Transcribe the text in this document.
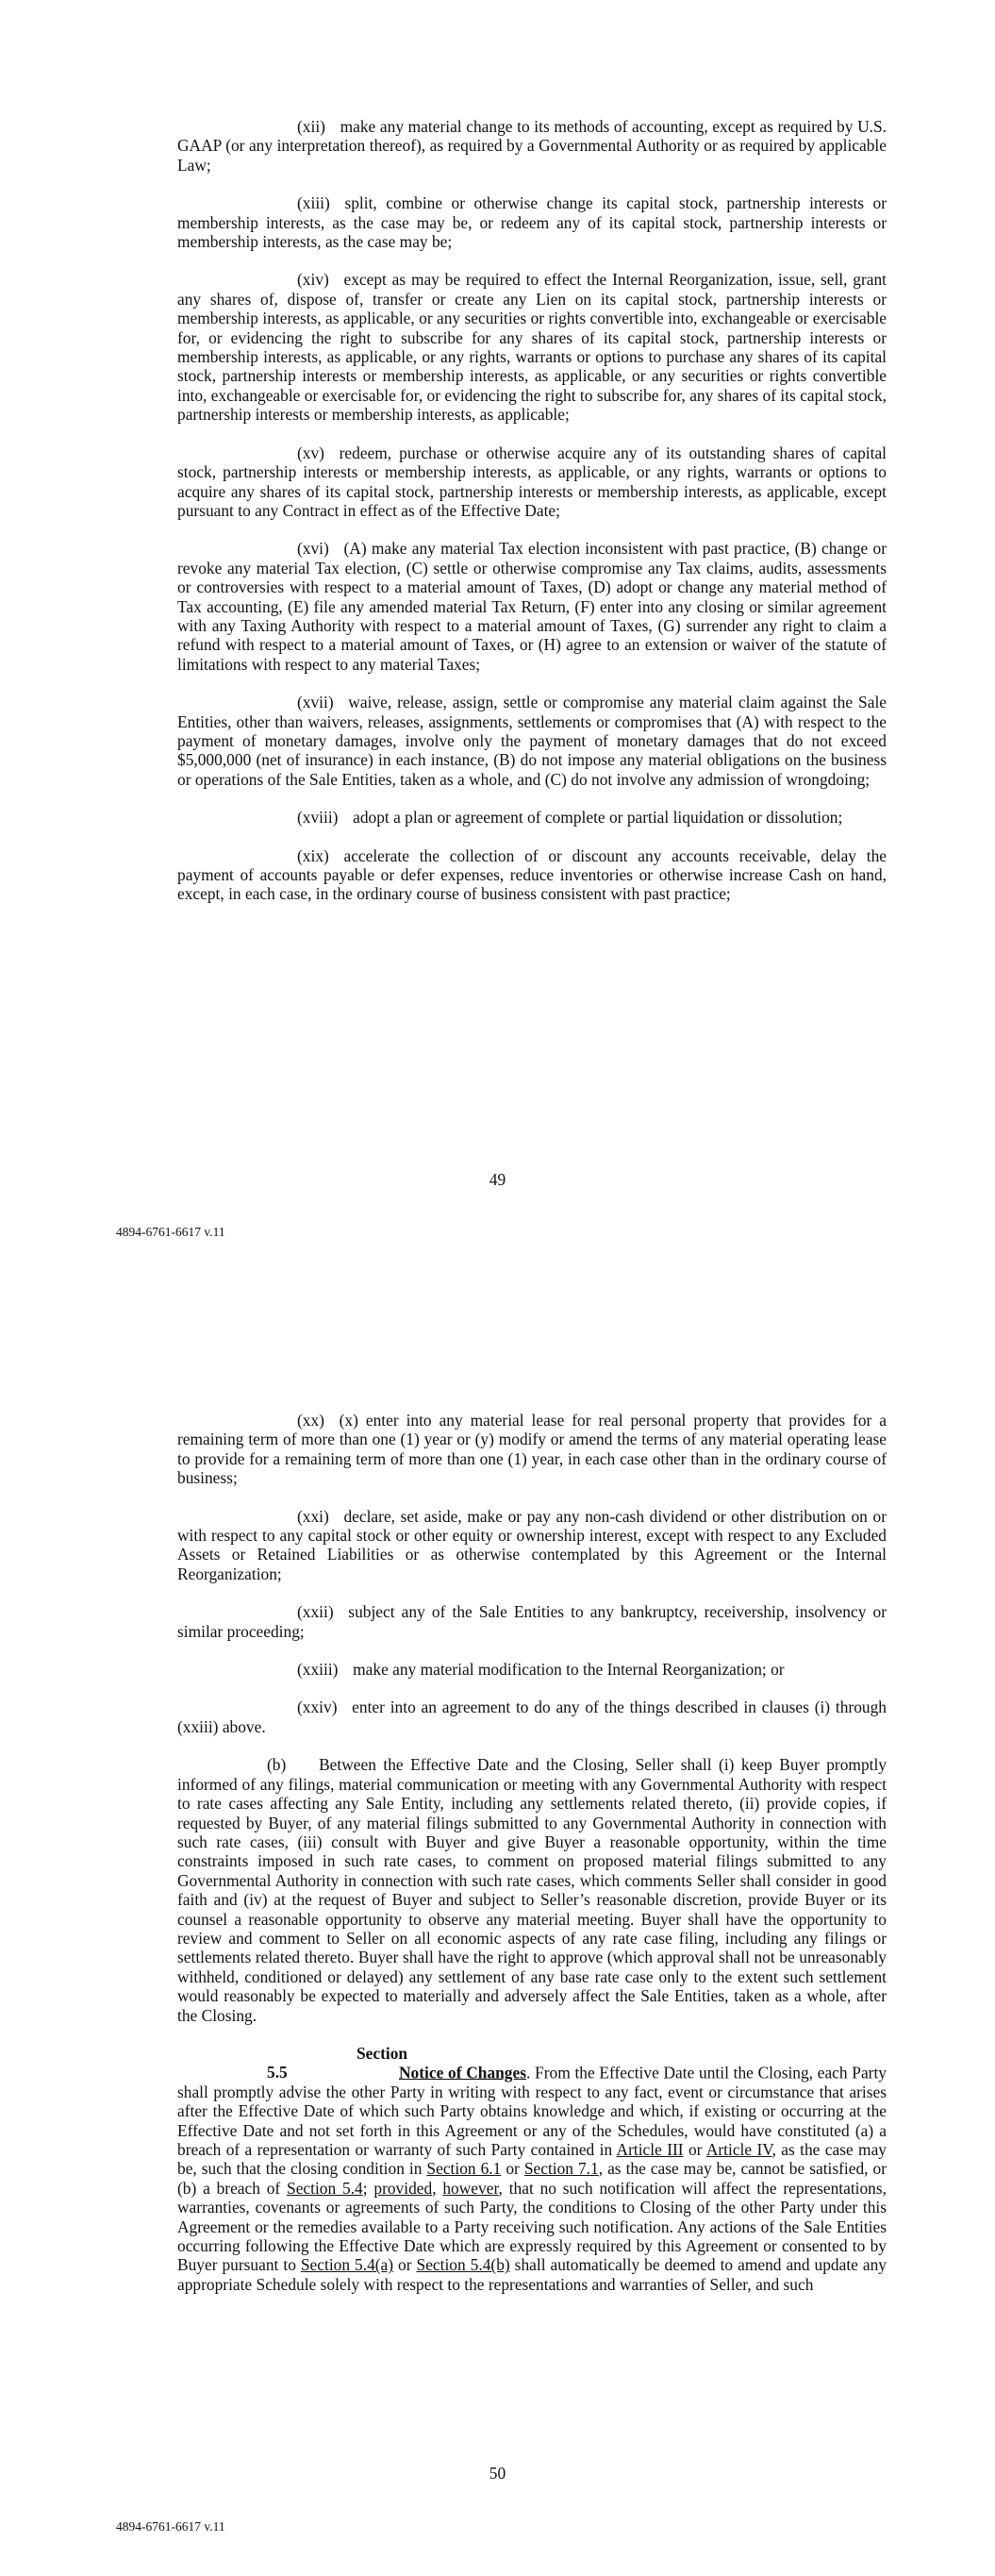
(xii) make any material change to its methods of accounting, except as required by U.S. GAAP (or any interpretation thereof), as required by a Governmental Authority or as required by applicable Law;

(xiii) split, combine or otherwise change its capital stock, partnership interests or membership interests, as the case may be, or redeem any of its capital stock, partnership interests or membership interests, as the case may be;

(xiv) except as may be required to effect the Internal Reorganization, issue, sell, grant any shares of, dispose of, transfer or create any Lien on its capital stock, partnership interests or membership interests, as applicable, or any securities or rights convertible into, exchangeable or exercisable for, or evidencing the right to subscribe for any shares of its capital stock, partnership interests or membership interests, as applicable, or any rights, warrants or options to purchase any shares of its capital stock, partnership interests or membership interests, as applicable, or any securities or rights convertible into, exchangeable or exercisable for, or evidencing the right to subscribe for, any shares of its capital stock, partnership interests or membership interests, as applicable;

(xv) redeem, purchase or otherwise acquire any of its outstanding shares of capital stock, partnership interests or membership interests, as applicable, or any rights, warrants or options to acquire any shares of its capital stock, partnership interests or membership interests, as applicable, except pursuant to any Contract in effect as of the Effective Date;

(xvi) (A) make any material Tax election inconsistent with past practice, (B) change or revoke any material Tax election, (C) settle or otherwise compromise any Tax claims, audits, assessments or controversies with respect to a material amount of Taxes, (D) adopt or change any material method of Tax accounting, (E) file any amended material Tax Return, (F) enter into any closing or similar agreement with any Taxing Authority with respect to a material amount of Taxes, (G) surrender any right to claim a refund with respect to a material amount of Taxes, or (H) agree to an extension or waiver of the statute of limitations with respect to any material Taxes;

(xvii) waive, release, assign, settle or compromise any material claim against the Sale Entities, other than waivers, releases, assignments, settlements or compromises that (A) with respect to the payment of monetary damages, involve only the payment of monetary damages that do not exceed $5,000,000 (net of insurance) in each instance, (B) do not impose any material obligations on the business or operations of the Sale Entities, taken as a whole, and (C) do not involve any admission of wrongdoing;

(xviii) adopt a plan or agreement of complete or partial liquidation or dissolution;

(xix) accelerate the collection of or discount any accounts receivable, delay the payment of accounts payable or defer expenses, reduce inventories or otherwise increase Cash on hand, except, in each case, in the ordinary course of business consistent with past practice;

49
4894-6761-6617 v.11

(xx) (x) enter into any material lease for real personal property that provides for a remaining term of more than one (1) year or (y) modify or amend the terms of any material operating lease to provide for a remaining term of more than one (1) year, in each case other than in the ordinary course of business;

(xxi) declare, set aside, make or pay any non-cash dividend or other distribution on or with respect to any capital stock or other equity or ownership interest, except with respect to any Excluded Assets or Retained Liabilities or as otherwise contemplated by this Agreement or the Internal Reorganization;

(xxii) subject any of the Sale Entities to any bankruptcy, receivership, insolvency or similar proceeding;

(xxiii) make any material modification to the Internal Reorganization; or

(xxiv) enter into an agreement to do any of the things described in clauses (i) through (xxiii) above.

(b) Between the Effective Date and the Closing, Seller shall (i) keep Buyer promptly informed of any filings, material communication or meeting with any Governmental Authority with respect to rate cases affecting any Sale Entity, including any settlements related thereto, (ii) provide copies, if requested by Buyer, of any material filings submitted to any Governmental Authority in connection with such rate cases, (iii) consult with Buyer and give Buyer a reasonable opportunity, within the time constraints imposed in such rate cases, to comment on proposed material filings submitted to any Governmental Authority in connection with such rate cases, which comments Seller shall consider in good faith and (iv) at the request of Buyer and subject to Seller’s reasonable discretion, provide Buyer or its counsel a reasonable opportunity to observe any material meeting. Buyer shall have the opportunity to review and comment to Seller on all economic aspects of any rate case filing, including any filings or settlements related thereto. Buyer shall have the right to approve (which approval shall not be unreasonably withheld, conditioned or delayed) any settlement of any base rate case only to the extent such settlement would reasonably be expected to materially and adversely affect the Sale Entities, taken as a whole, after the Closing.

Section 5.5	Notice of Changes. From the Effective Date until the Closing, each Party shall promptly advise the other Party in writing with respect to any fact, event or circumstance that arises after the Effective Date of which such Party obtains knowledge and which, if existing or occurring at the Effective Date and not set forth in this Agreement or any of the Schedules, would have constituted (a) a breach of a representation or warranty of such Party contained in Article III or Article IV, as the case may be, such that the closing condition in Section 6.1 or Section 7.1, as the case may be, cannot be satisfied, or (b) a breach of Section 5.4; provided, however, that no such notification will affect the representations, warranties, covenants or agreements of such Party, the conditions to Closing of the other Party under this Agreement or the remedies available to a Party receiving such notification. Any actions of the Sale Entities occurring following the Effective Date which are expressly required by this Agreement or consented to by Buyer pursuant to Section 5.4(a) or Section 5.4(b) shall automatically be deemed to amend and update any appropriate Schedule solely with respect to the representations and warranties of Seller, and such

50
4894-6761-6617 v.11
